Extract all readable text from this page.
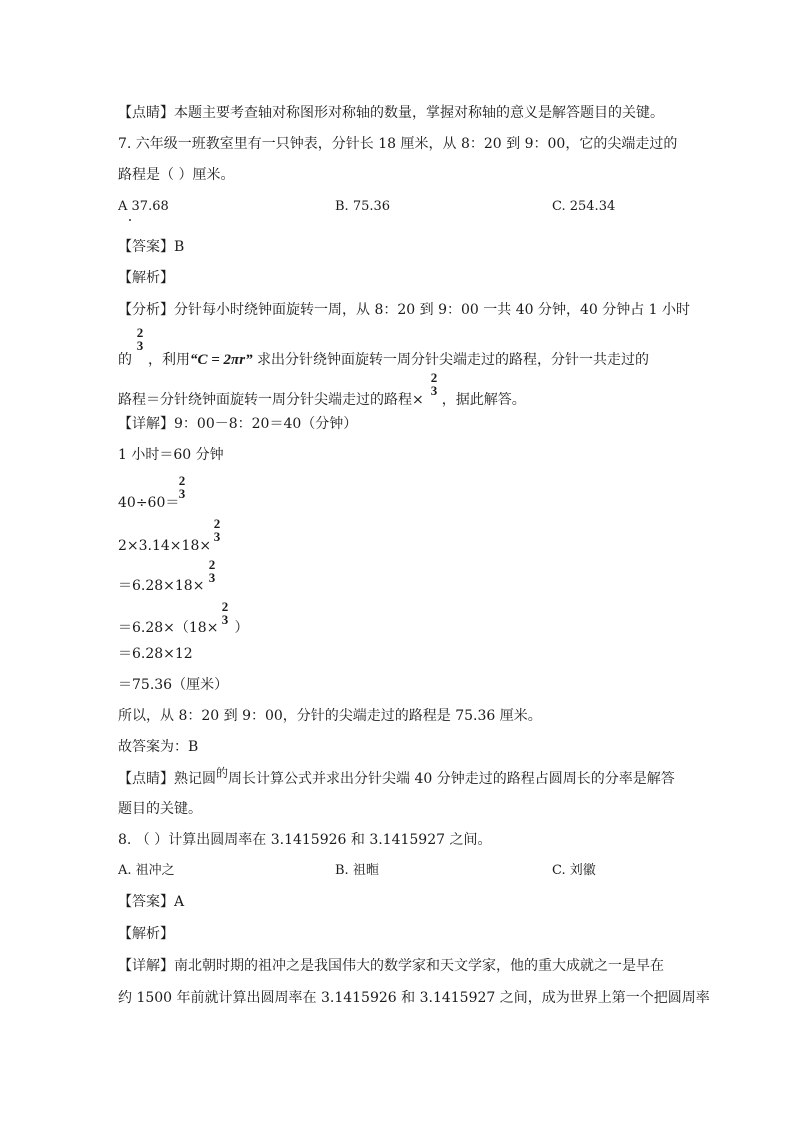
【点睛】本题主要考查轴对称图形对称轴的数量，掌握对称轴的意义是解答题目的关键。
7. 六年级一班教室里有一只钟表，分针长 18 厘米，从 8：20 到 9：00，它的尖端走过的
路程是（ ）厘米。
A 37.68	B. 75.36	C. 254.34
【答案】B
【解析】
【分析】分针每小时绕钟面旋转一周，从 8：20 到 9：00 一共 40 分钟，40 分钟占 1 小时
2
3
的 ，利用“C = 2πr” 求出分针绕钟面旋转一周分针尖端走过的路程，分针一共走过的
2
3
路程＝分针绕钟面旋转一周分针尖端走过的路程× ，据此解答。
【详解】9：00－8：20＝40（分钟）
1 小时＝60 分钟
2
3
40÷60＝
2
3
2×3.14×18×
2
3
＝6.28×18×
2
3
＝6.28×（18× ）
＝6.28×12
＝75.36（厘米）
所以，从 8：20 到 9：00，分针的尖端走过的路程是 75.36 厘米。
故答案为：B
【点睛】熟记圆的周长计算公式并求出分针尖端 40 分钟走过的路程占圆周长的分率是解答
题目的关键。
8. （ ）计算出圆周率在 3.1415926 和 3.1415927 之间。
A. 祖冲之	B. 祖暅	C. 刘徽
【答案】A
【解析】
【详解】南北朝时期的祖冲之是我国伟大的数学家和天文学家，他的重大成就之一是早在
约 1500 年前就计算出圆周率在 3.1415926 和 3.1415927 之间，成为世界上第一个把圆周率
